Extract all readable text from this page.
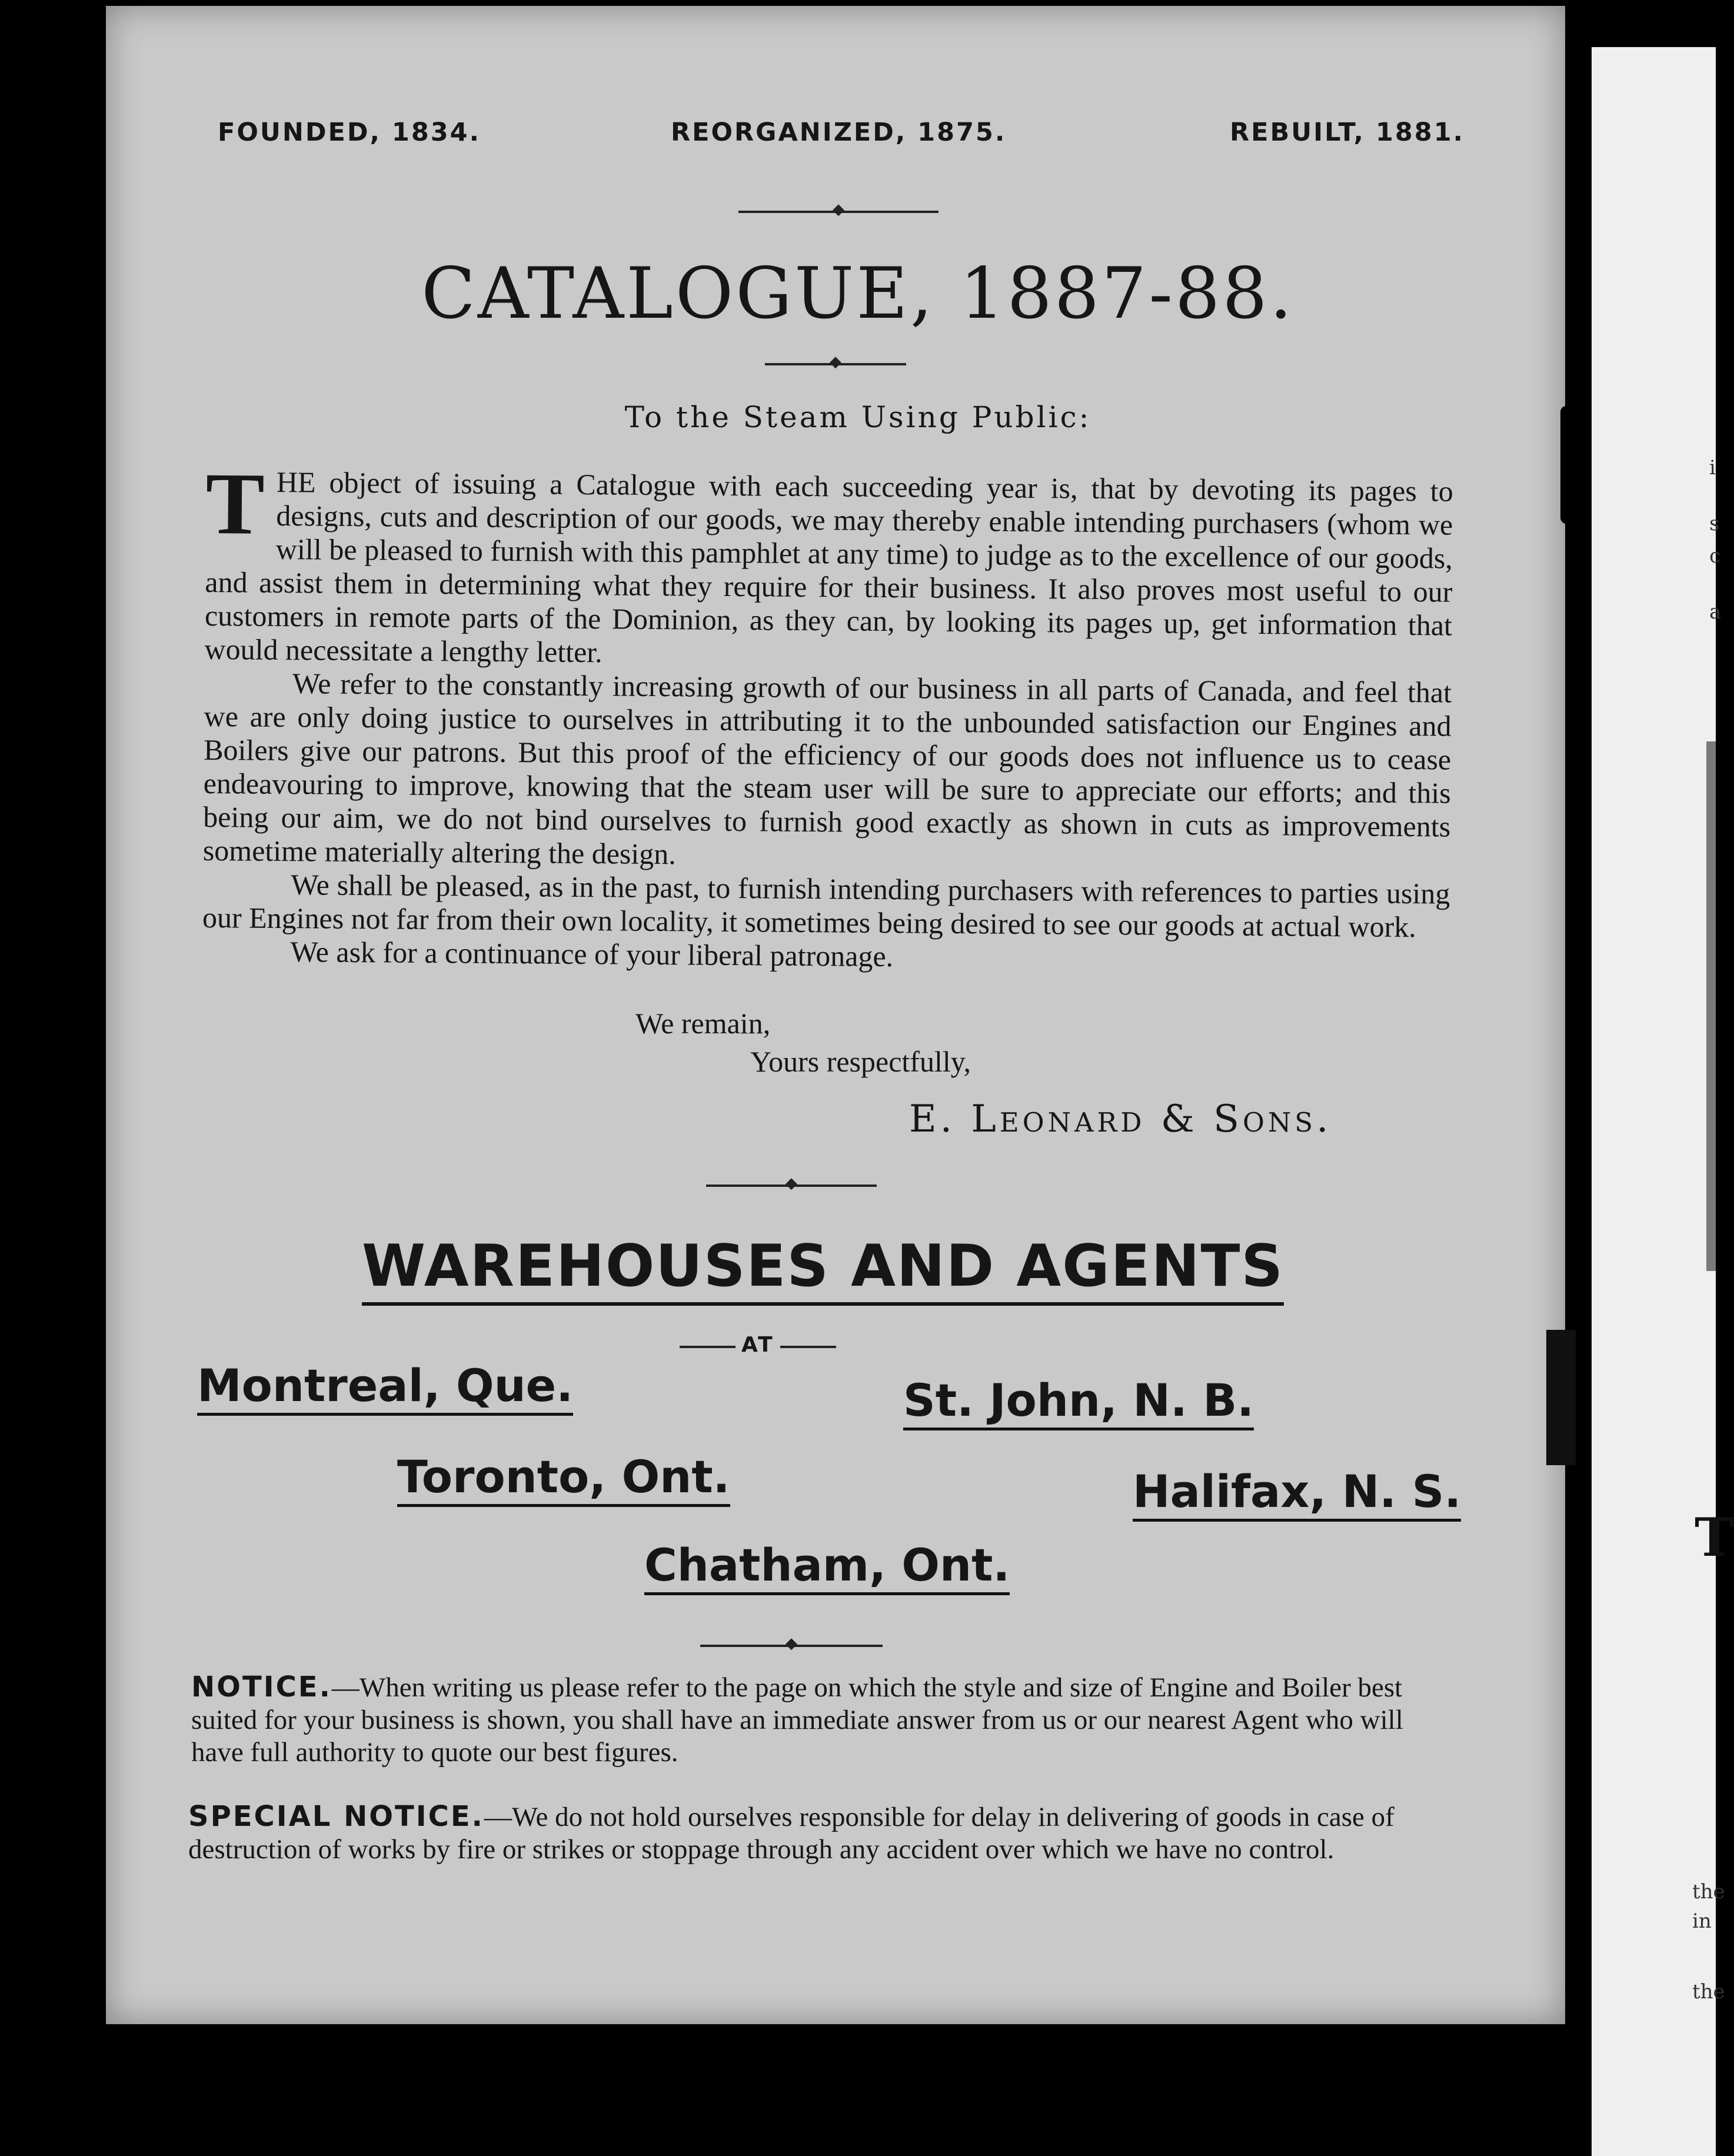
i
s
c
a
T
the
in
the
FOUNDED, 1834.	REORGANIZED, 1875.	REBUILT, 1881.
◆
CATALOGUE, 1887-88.
◆
To the Steam Using Public:

THE object of issuing a Catalogue with each succeeding year is, that by devoting its pages to designs, cuts and description of our goods, we may thereby enable intending purchasers (whom we will be pleased to furnish with this pamphlet at any time) to judge as to the excellence of our goods, and assist them in determining what they require for their business. It also proves most useful to our customers in remote parts of the Dominion, as they can, by looking its pages up, get information that would necessitate a lengthy letter.

We refer to the constantly increasing growth of our business in all parts of Canada, and feel that we are only doing justice to ourselves in attributing it to the unbounded satisfaction our Engines and Boilers give our patrons. But this proof of the efficiency of our goods does not influence us to cease endeavouring to improve, knowing that the steam user will be sure to appreciate our efforts; and this being our aim, we do not bind ourselves to furnish good exactly as shown in cuts as improvements sometime materially altering the design.

We shall be pleased, as in the past, to furnish intending purchasers with references to parties using our Engines not far from their own locality, it sometimes being desired to see our goods at actual work.

We ask for a continuance of your liberal patronage.

We remain,
Yours respectfully,
E. Leonard & Sons.
◆
WAREHOUSES AND AGENTS
AT
Montreal, Que.	St. John, N. B.
Toronto, Ont.	Halifax, N. S.
Chatham, Ont.
◆
NOTICE.—When writing us please refer to the page on which the style and size of Engine and Boiler best suited for your business is shown, you shall have an immediate answer from us or our nearest Agent who will have full authority to quote our best figures.
SPECIAL NOTICE.—We do not hold ourselves responsible for delay in delivering of goods in case of destruction of works by fire or strikes or stoppage through any accident over which we have no control.
